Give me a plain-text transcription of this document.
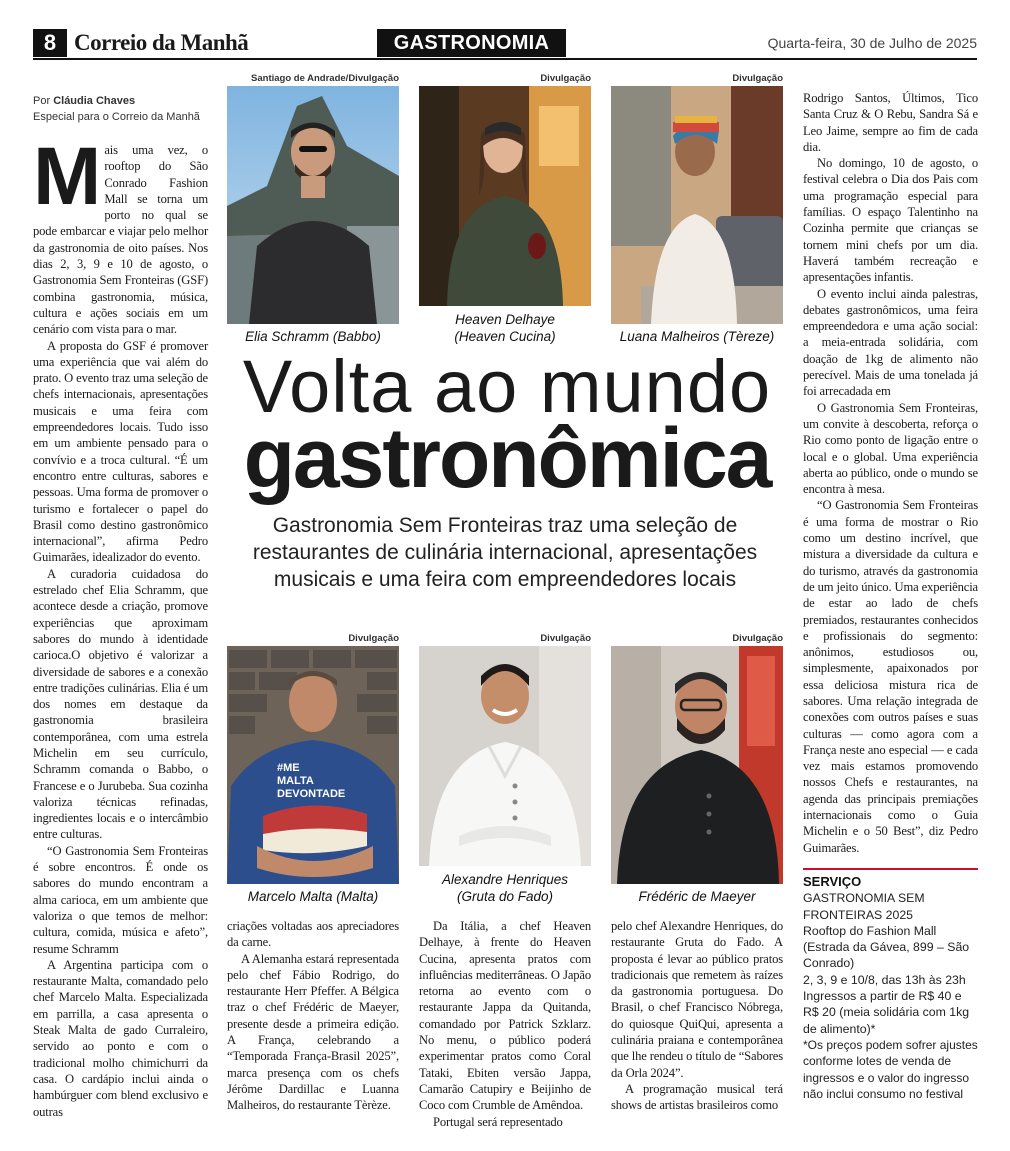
8 Correio da Manhã	GASTRONOMIA	Quarta-feira, 30 de Julho de 2025
Por Cláudia Chaves
Especial para o Correio da Manhã
M ais uma vez, o rooftop do São Conrado Fashion Mall se torna um porto no qual se pode embarcar e viajar pelo melhor da gastronomia de oito países. Nos dias 2, 3, 9 e 10 de agosto, o Gastronomia Sem Fronteiras (GSF) combina gastronomia, música, cultura e ações sociais em um cenário com vista para o mar.

A proposta do GSF é promover uma experiência que vai além do prato. O evento traz uma seleção de chefs internacionais, apresentações musicais e uma feira com empreendedores locais. Tudo isso em um ambiente pensado para o convívio e a troca cultural. “É um encontro entre culturas, sabores e pessoas. Uma forma de promover o turismo e fortalecer o papel do Brasil como destino gastronômico internacional”, afirma Pedro Guimarães, idealizador do evento.

A curadoria cuidadosa do estrelado chef Elia Schramm, que acontece desde a criação, promove experiências que aproximam sabores do mundo à identidade carioca.O objetivo é valorizar a diversidade de sabores e a conexão entre tradições culinárias. Elia é um dos nomes em destaque da gastronomia brasileira contemporânea, com uma estrela Michelin em seu currículo, Schramm comanda o Babbo, o Francese e o Jurubeba. Sua cozinha valoriza técnicas refinadas, ingredientes locais e o intercâmbio entre culturas.

“O Gastronomia Sem Fronteiras é sobre encontros. É onde os sabores do mundo encontram a alma carioca, em um ambiente que valoriza o que temos de melhor: cultura, comida, música e afeto”, resume Schramm

A Argentina participa com o restaurante Malta, comandado pelo chef Marcelo Malta. Especializada em parrilla, a casa apresenta o Steak Malta de gado Curraleiro, servido ao ponto e com o tradicional molho chimichurri da casa. O cardápio inclui ainda o hambúrguer com blend exclusivo e outras

Santiago de Andrade/Divulgação
Elia Schramm (Babbo)
Divulgação
Heaven Delhaye
(Heaven Cucina)
Divulgação
Luana Malheiros (Tèreze)
Volta ao mundo
gastronômica
Gastronomia Sem Fronteiras traz uma seleção de restaurantes de culinária internacional, apresentações musicais e uma feira com empreendedores locais
Divulgação
#ME
MALTA
DEVONTADE
Marcelo Malta (Malta)
Divulgação
Alexandre Henriques
(Gruta do Fado)
Divulgação
Frédéric de Maeyer

criações voltadas aos apreciadores da carne.

A Alemanha estará representada pelo chef Fábio Rodrigo, do restaurante Herr Pfeffer. A Bélgica traz o chef Frédéric de Maeyer, presente desde a primeira edição. A França, celebrando a “Temporada França-Brasil 2025”, marca presença com os chefs Jérôme Dardillac e Luanna Malheiros, do restaurante Tèrèze.

Da Itália, a chef Heaven Delhaye, à frente do Heaven Cucina, apresenta pratos com influências mediterrâneas. O Japão retorna ao evento com o restaurante Jappa da Quitanda, comandado por Patrick Szklarz. No menu, o público poderá experimentar pratos como Coral Tataki, Ebiten versão Jappa, Camarão Catupiry e Beijinho de Coco com Crumble de Amêndoa.

Portugal será representado

pelo chef Alexandre Henriques, do restaurante Gruta do Fado. A proposta é levar ao público pratos tradicionais que remetem às raízes da gastronomia portuguesa. Do Brasil, o chef Francisco Nóbrega, do quiosque QuiQui, apresenta a culinária praiana e contemporânea que lhe rendeu o título de “Sabores da Orla 2024”.

A programação musical terá shows de artistas brasileiros como

Rodrigo Santos, Últimos, Tico Santa Cruz & O Rebu, Sandra Sá e Leo Jaime, sempre ao fim de cada dia.

No domingo, 10 de agosto, o festival celebra o Dia dos Pais com uma programação especial para famílias. O espaço Talentinho na Cozinha permite que crianças se tornem mini chefs por um dia. Haverá também recreação e apresentações infantis.

O evento inclui ainda palestras, debates gastronômicos, uma feira empreendedora e uma ação social: a meia-entrada solidária, com doação de 1kg de alimento não perecível. Mais de uma tonelada já foi arrecadada em

O Gastronomia Sem Fronteiras, um convite à descoberta, reforça o Rio como ponto de ligação entre o local e o global. Uma experiência aberta ao público, onde o mundo se encontra à mesa.

“O Gastronomia Sem Fronteiras é uma forma de mostrar o Rio como um destino incrível, que mistura a diversidade da cultura e do turismo, através da gastronomia de um jeito único. Uma experiência de estar ao lado de chefs premiados, restaurantes conhecidos e profissionais do segmento: anônimos, estudiosos ou, simplesmente, apaixonados por essa deliciosa mistura rica de sabores. Uma relação integrada de conexões com outros países e suas culturas — como agora com a França neste ano especial — e cada vez mais estamos promovendo nossos Chefs e restaurantes, na agenda das principais premiações internacionais como o Guia Michelin e o 50 Best”, diz Pedro Guimarães.

SERVIÇO
GASTRONOMIA SEM FRONTEIRAS 2025
Rooftop do Fashion Mall (Estrada da Gávea, 899 – São Conrado)
2, 3, 9 e 10/8, das 13h às 23h
Ingressos a partir de R$ 40 e R$ 20 (meia solidária com 1kg de alimento)*
*Os preços podem sofrer ajustes conforme lotes de venda de ingressos e o valor do ingresso não inclui consumo no festival
